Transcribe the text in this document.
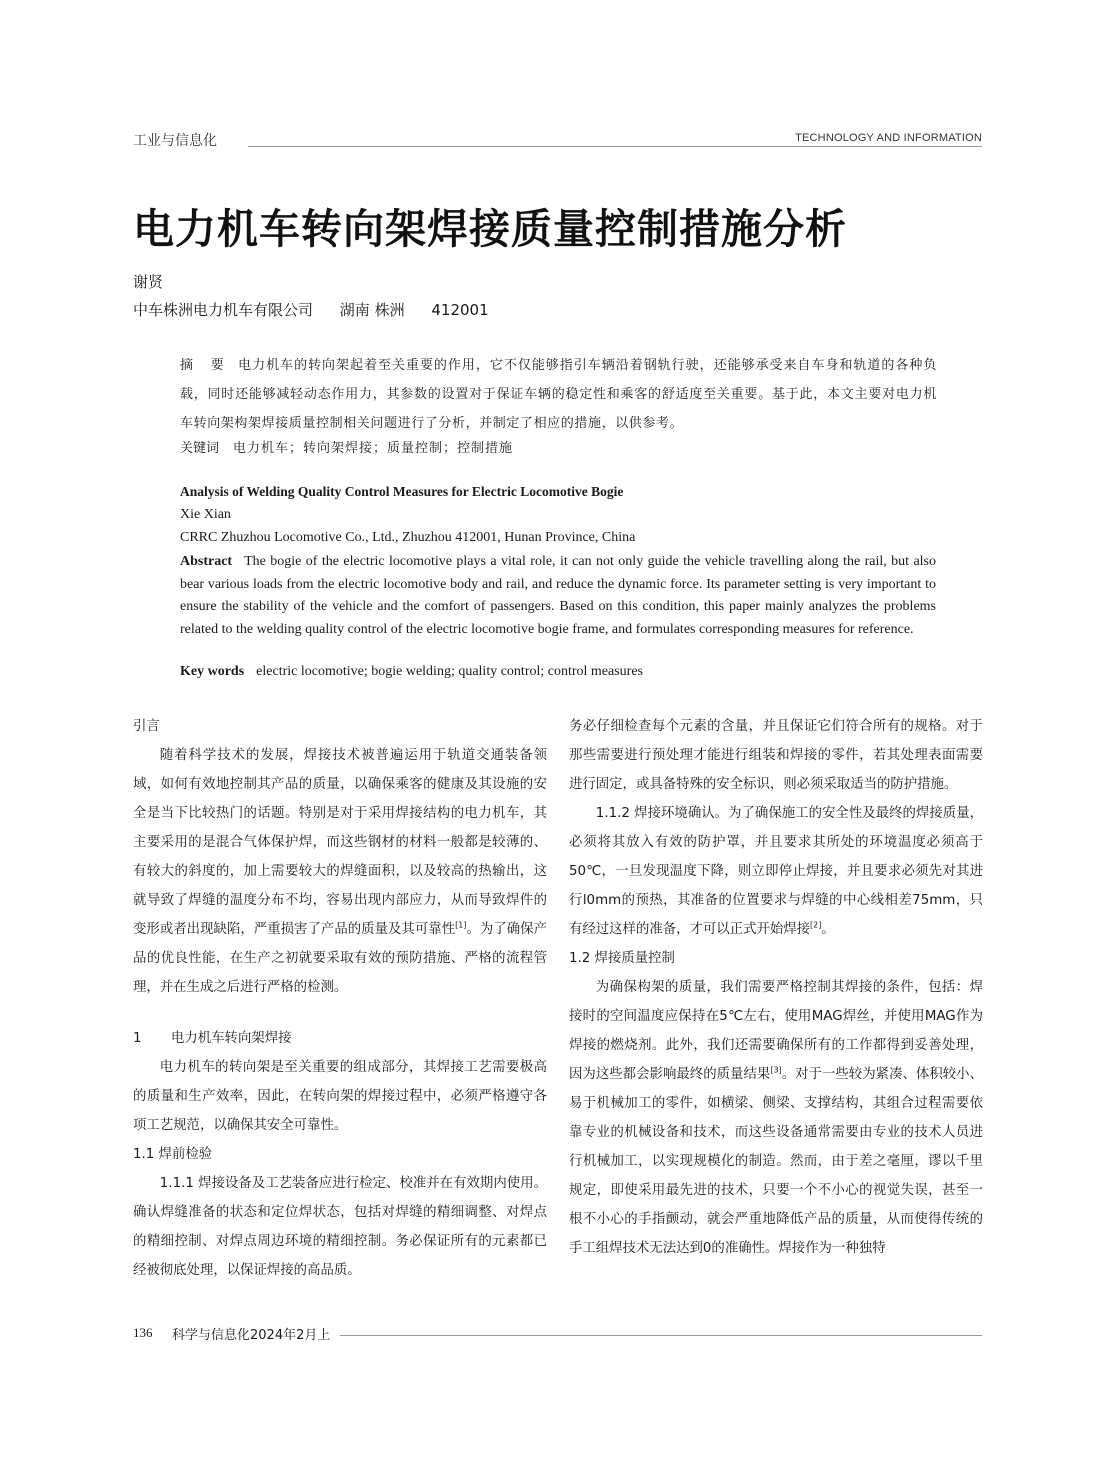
工业与信息化	TECHNOLOGY AND INFORMATION
电力机车转向架焊接质量控制措施分析
谢贤
中车株洲电力机车有限公司 湖南 株洲 412001
摘　要 电力机车的转向架起着至关重要的作用，它不仅能够指引车辆沿着钢轨行驶，还能够承受来自车身和轨道的各种负载，同时还能够减轻动态作用力，其参数的设置对于保证车辆的稳定性和乘客的舒适度至关重要。基于此，本文主要对电力机车转向架构架焊接质量控制相关问题进行了分析，并制定了相应的措施，以供参考。
关键词 电力机车；转向架焊接；质量控制；控制措施
Analysis of Welding Quality Control Measures for Electric Locomotive Bogie
Xie Xian
CRRC Zhuzhou Locomotive Co., Ltd., Zhuzhou 412001, Hunan Province, China
Abstract The bogie of the electric locomotive plays a vital role, it can not only guide the vehicle travelling along the rail, but also bear various loads from the electric locomotive body and rail, and reduce the dynamic force. Its parameter setting is very important to ensure the stability of the vehicle and the comfort of passengers. Based on this condition, this paper mainly analyzes the problems related to the welding quality control of the electric locomotive bogie frame, and formulates corresponding measures for reference.
Key words electric locomotive; bogie welding; quality control; control measures

引言

随着科学技术的发展，焊接技术被普遍运用于轨道交通装备领域，如何有效地控制其产品的质量，以确保乘客的健康及其设施的安全是当下比较热门的话题。特别是对于采用焊接结构的电力机车，其主要采用的是混合气体保护焊，而这些钢材的材料一般都是较薄的、有较大的斜度的，加上需要较大的焊缝面积，以及较高的热输出，这就导致了焊缝的温度分布不均，容易出现内部应力，从而导致焊件的变形或者出现缺陷，严重损害了产品的质量及其可靠性[1]。为了确保产品的优良性能，在生产之初就要采取有效的预防措施、严格的流程管理，并在生成之后进行严格的检测。

1 电力机车转向架焊接

电力机车的转向架是至关重要的组成部分，其焊接工艺需要极高的质量和生产效率，因此，在转向架的焊接过程中，必须严格遵守各项工艺规范，以确保其安全可靠性。

1.1 焊前检验

1.1.1 焊接设备及工艺装备应进行检定、校准并在有效期内使用。确认焊缝准备的状态和定位焊状态，包括对焊缝的精细调整、对焊点的精细控制、对焊点周边环境的精细控制。务必保证所有的元素都已经被彻底处理，以保证焊接的高品质。

务必仔细检查每个元素的含量，并且保证它们符合所有的规格。对于那些需要进行预处理才能进行组装和焊接的零件，若其处理表面需要进行固定，或具备特殊的安全标识，则必须采取适当的防护措施。

1.1.2 焊接环境确认。为了确保施工的安全性及最终的焊接质量，必须将其放入有效的防护罩，并且要求其所处的环境温度必须高于50℃，一旦发现温度下降，则立即停止焊接，并且要求必须先对其进行l0mm的预热，其准备的位置要求与焊缝的中心线相差75mm，只有经过这样的准备，才可以正式开始焊接[2]。

1.2 焊接质量控制

为确保构架的质量，我们需要严格控制其焊接的条件，包括：焊接时的空间温度应保持在5℃左右，使用MAG焊丝，并使用MAG作为焊接的燃烧剂。此外，我们还需要确保所有的工作都得到妥善处理，因为这些都会影响最终的质量结果[3]。对于一些较为紧凑、体积较小、易于机械加工的零件，如横梁、侧梁、支撑结构，其组合过程需要依靠专业的机械设备和技术，而这些设备通常需要由专业的技术人员进行机械加工，以实现规模化的制造。然而，由于差之毫厘，谬以千里规定，即使采用最先进的技术，只要一个不小心的视觉失误，甚至一根不小心的手指颤动，就会严重地降低产品的质量，从而使得传统的手工组焊技术无法达到0的准确性。焊接作为一种独特

136 科学与信息化2024年2月上
